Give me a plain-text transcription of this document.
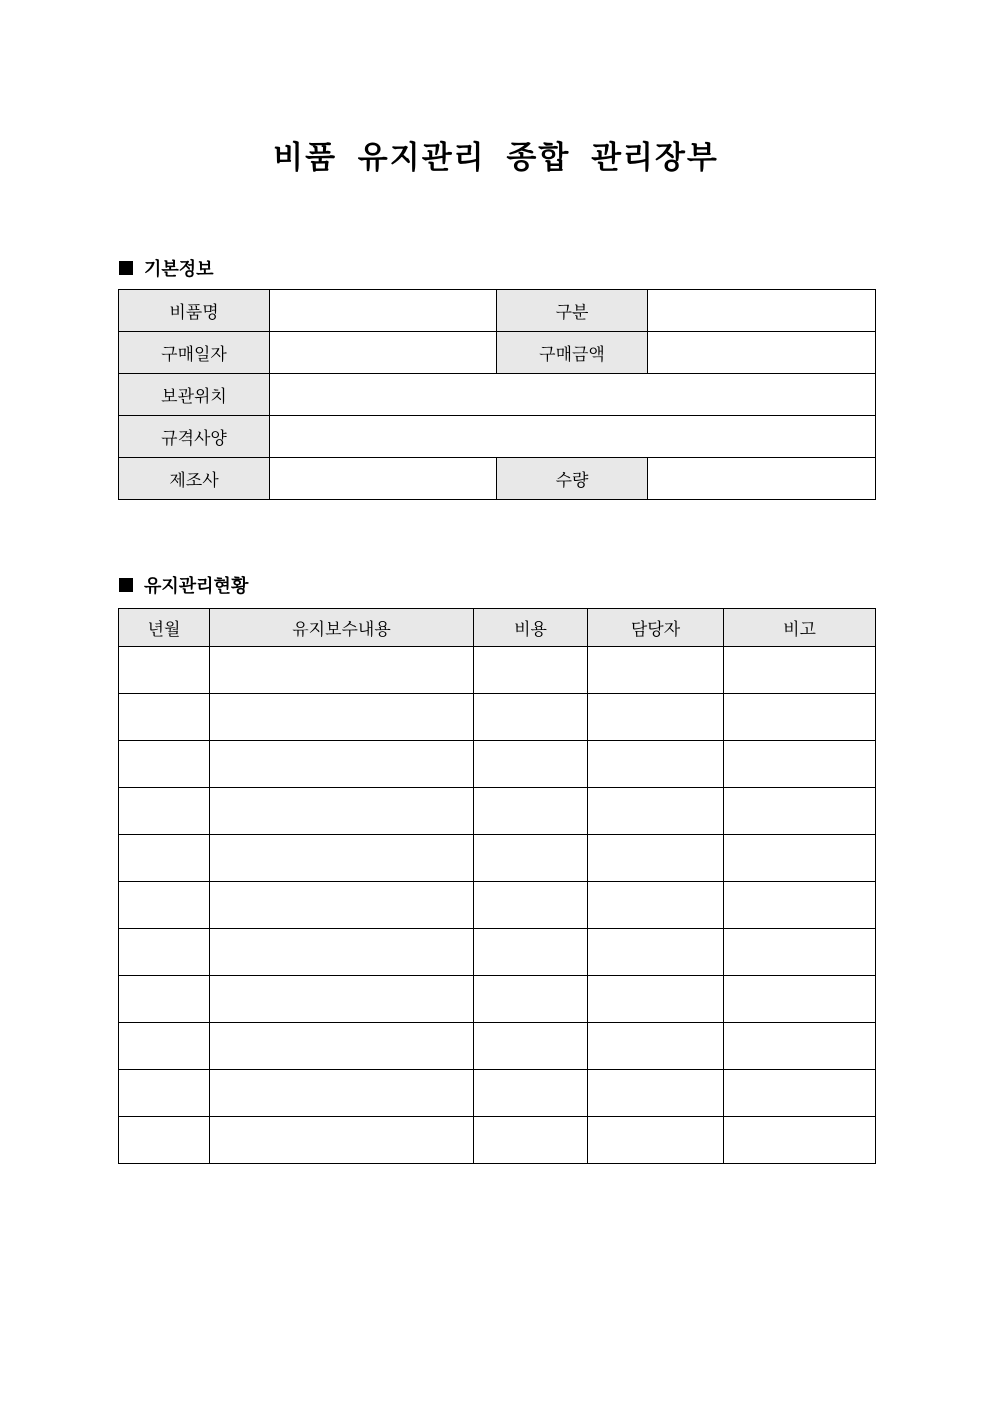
비품 유지관리 종합 관리장부
기본정보
비품명		구분	
구매일자		구매금액	
보관위치			
규격사양			
제조사		수량	
유지관리현황
년월	유지보수내용	비용	담당자	비고
